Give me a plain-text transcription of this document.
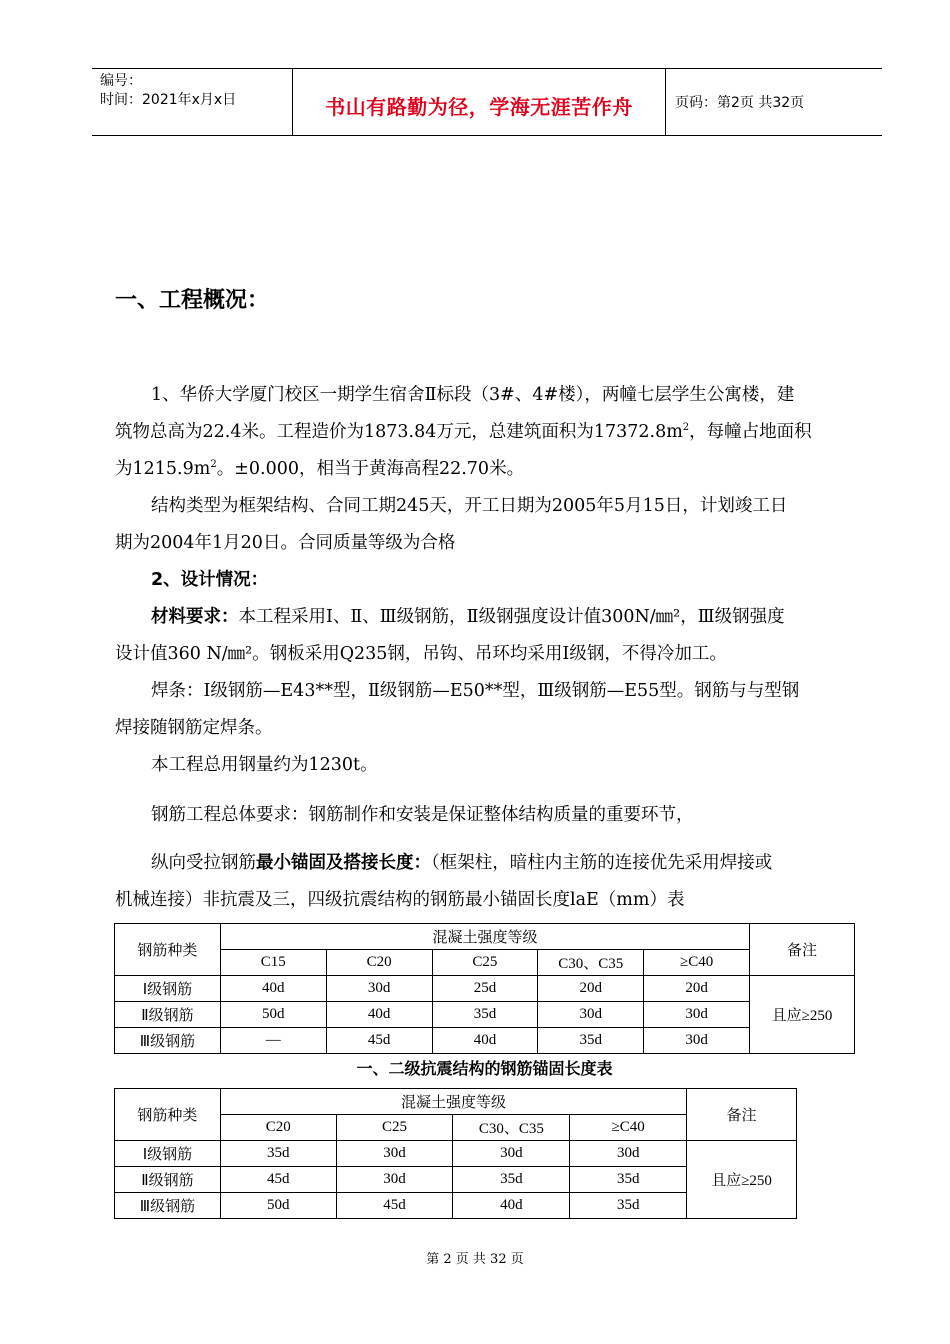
编号：
时间：2021年x月x日	书山有路勤为径，学海无涯苦作舟	页码：第2页 共32页
一、工程概况：
1、华侨大学厦门校区一期学生宿舍Ⅱ标段（3#、4#楼），两幢七层学生公寓楼，建
筑物总高为22.4米。工程造价为1873.84万元，总建筑面积为$17372.8m^2$，每幢占地面积
为$1215.9m^2$。±0.000，相当于黄海高程22.70米。
结构类型为框架结构、合同工期245天，开工日期为2005年5月15日，计划竣工日
期为2004年1月20日。合同质量等级为合格
2、设计情况：
材料要求：本工程采用Ⅰ、Ⅱ、Ⅲ级钢筋，Ⅱ级钢强度设计值300N/㎜²，Ⅲ级钢强度
设计值360 N/㎜²。钢板采用Q235钢，吊钩、吊环均采用Ⅰ级钢，不得冷加工。
焊条：Ⅰ级钢筋—E43**型，Ⅱ级钢筋—E50**型，Ⅲ级钢筋—E55型。钢筋与与型钢
焊接随钢筋定焊条。
本工程总用钢量约为1230t。
钢筋工程总体要求：钢筋制作和安装是保证整体结构质量的重要环节，
纵向受拉钢筋最小锚固及搭接长度：（框架柱，暗柱内主筋的连接优先采用焊接或
机械连接）非抗震及三，四级抗震结构的钢筋最小锚固长度laE（mm）表
钢筋种类	混凝土强度等级					备注
	C15	C20	C25	C30、C35	≥C40	
Ⅰ级钢筋	40d	30d	25d	20d	20d	且应≥250
Ⅱ级钢筋	50d	40d	35d	30d	30d	
Ⅲ级钢筋	—	45d	40d	35d	30d	
一、二级抗震结构的钢筋锚固长度表
钢筋种类	混凝土强度等级				备注
	C20	C25	C30、C35	≥C40	
Ⅰ级钢筋	35d	30d	30d	30d	且应≥250
Ⅱ级钢筋	45d	30d	35d	35d	
Ⅲ级钢筋	50d	45d	40d	35d	
第 2 页 共 32 页
